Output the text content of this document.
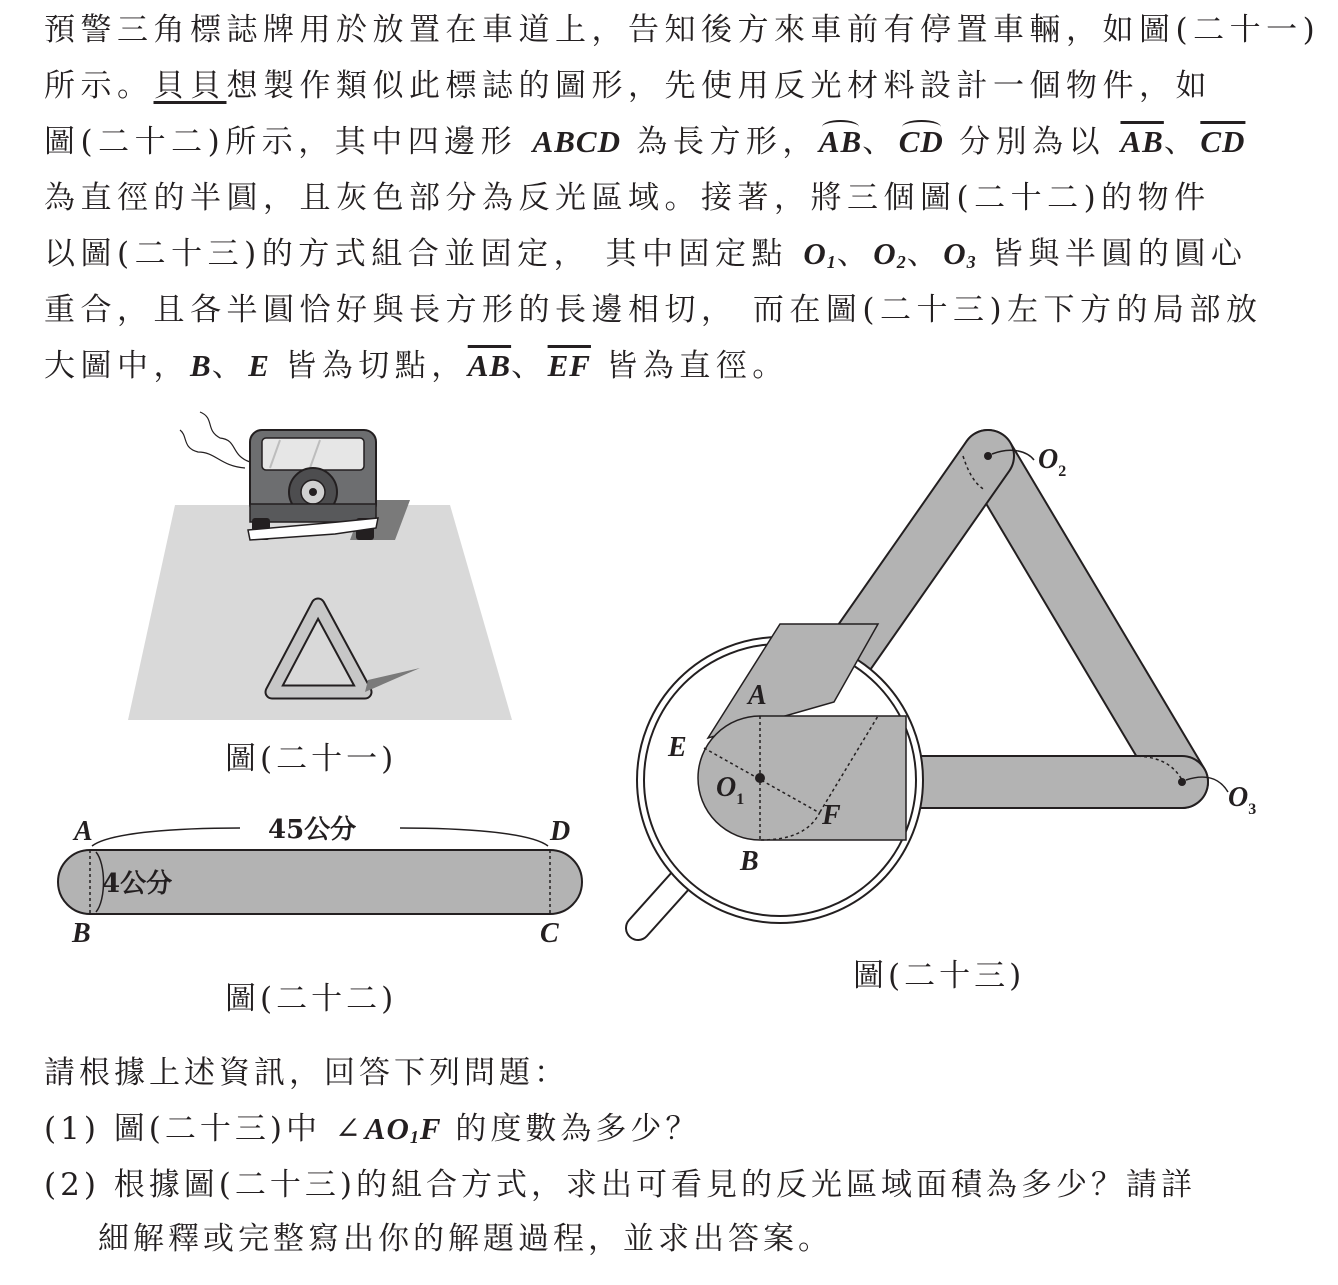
預警三角標誌牌用於放置在車道上，告知後方來車前有停置車輛，如圖(二十一)
所示。貝貝想製作類似此標誌的圖形，先使用反光材料設計一個物件，如
圖(二十二)所示，其中四邊形 ABCD 為長方形，AB、CD 分別為以 $\overline{AB}$、$\overline{CD}$
為直徑的半圓，且灰色部分為反光區域。接著，將三個圖(二十二)的物件
以圖(二十三)的方式組合並固定， 其中固定點 $O_1$、$O_2$、$O_3$ 皆與半圓的圓心
重合，且各半圓恰好與長方形的長邊相切， 而在圖(二十三)左下方的局部放
大圖中，B、E 皆為切點，$\overline{AB}$、$\overline{EF}$ 皆為直徑。
圖(二十一)
A
B	C
D
45公分
4公分
圖(二十二)
$O_2$
$O_3$
A
E
$O_1$
F
B
圖(二十三)
請根據上述資訊，回答下列問題：
(1) 圖(二十三)中 $\angle AO_1F$ 的度數為多少？
(2) 根據圖(二十三)的組合方式，求出可看見的反光區域面積為多少？請詳
細解釋或完整寫出你的解題過程，並求出答案。
